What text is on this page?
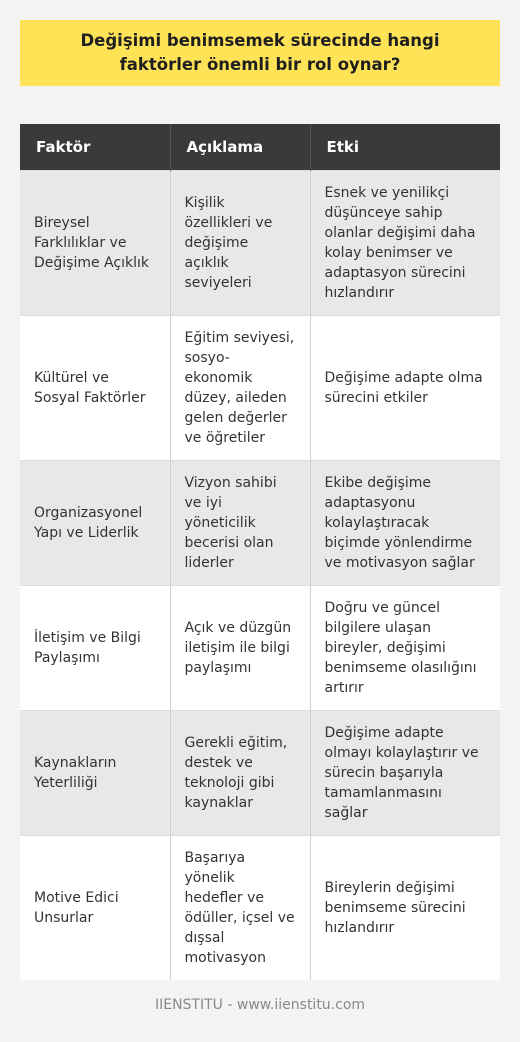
Değişimi benimsemek sürecinde hangi faktörler önemli bir rol oynar?
Faktör	Açıklama	Etki
Bireysel Farklılıklar ve Değişime Açıklık	Kişilik özellikleri ve değişime açıklık seviyeleri	Esnek ve yenilikçi düşünceye sahip olanlar değişimi daha kolay benimser ve adaptasyon sürecini hızlandırır
Kültürel ve Sosyal Faktörler	Eğitim seviyesi, sosyo-ekonomik düzey, aileden gelen değerler ve öğretiler	Değişime adapte olma sürecini etkiler
Organizasyonel Yapı ve Liderlik	Vizyon sahibi ve iyi yöneticilik becerisi olan liderler	Ekibe değişime adaptasyonu kolaylaştıracak biçimde yönlendirme ve motivasyon sağlar
İletişim ve Bilgi Paylaşımı	Açık ve düzgün iletişim ile bilgi paylaşımı	Doğru ve güncel bilgilere ulaşan bireyler, değişimi benimseme olasılığını artırır
Kaynakların Yeterliliği	Gerekli eğitim, destek ve teknoloji gibi kaynaklar	Değişime adapte olmayı kolaylaştırır ve sürecin başarıyla tamamlanmasını sağlar
Motive Edici Unsurlar	Başarıya yönelik hedefler ve ödüller, içsel ve dışsal motivasyon	Bireylerin değişimi benimseme sürecini hızlandırır
IIENSTITU - www.iienstitu.com
